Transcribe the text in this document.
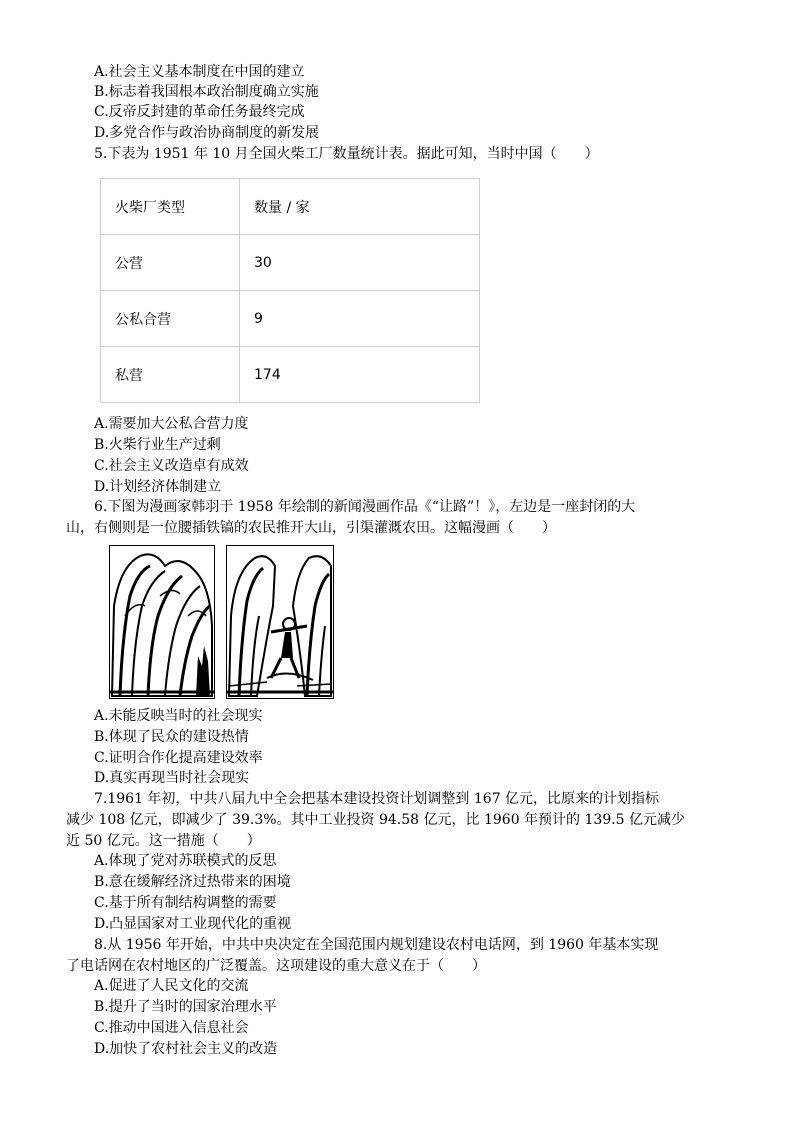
A.社会主义基本制度在中国的建立
B.标志着我国根本政治制度确立实施
C.反帝反封建的革命任务最终完成
D.多党合作与政治协商制度的新发展
5.下表为 1951 年 10 月全国火柴工厂数量统计表。据此可知，当时中国（　　）
火柴厂类型	数量 / 家
公营	30
公私合营	9
私营	174
A.需要加大公私合营力度
B.火柴行业生产过剩
C.社会主义改造卓有成效
D.计划经济体制建立
6.下图为漫画家韩羽于 1958 年绘制的新闻漫画作品《“让路”！》，左边是一座封闭的大
山，右侧则是一位腰插铁镐的农民推开大山，引渠灌溉农田。这幅漫画（　　）
A.未能反映当时的社会现实
B.体现了民众的建设热情
C.证明合作化提高建设效率
D.真实再现当时社会现实
7.1961 年初，中共八届九中全会把基本建设投资计划调整到 167 亿元，比原来的计划指标
减少 108 亿元，即减少了 39.3%。其中工业投资 94.58 亿元，比 1960 年预计的 139.5 亿元减少
近 50 亿元。这一措施（　　）
A.体现了党对苏联模式的反思
B.意在缓解经济过热带来的困境
C.基于所有制结构调整的需要
D.凸显国家对工业现代化的重视
8.从 1956 年开始，中共中央决定在全国范围内规划建设农村电话网，到 1960 年基本实现
了电话网在农村地区的广泛覆盖。这项建设的重大意义在于（　　）
A.促进了人民文化的交流
B.提升了当时的国家治理水平
C.推动中国进入信息社会
D.加快了农村社会主义的改造
